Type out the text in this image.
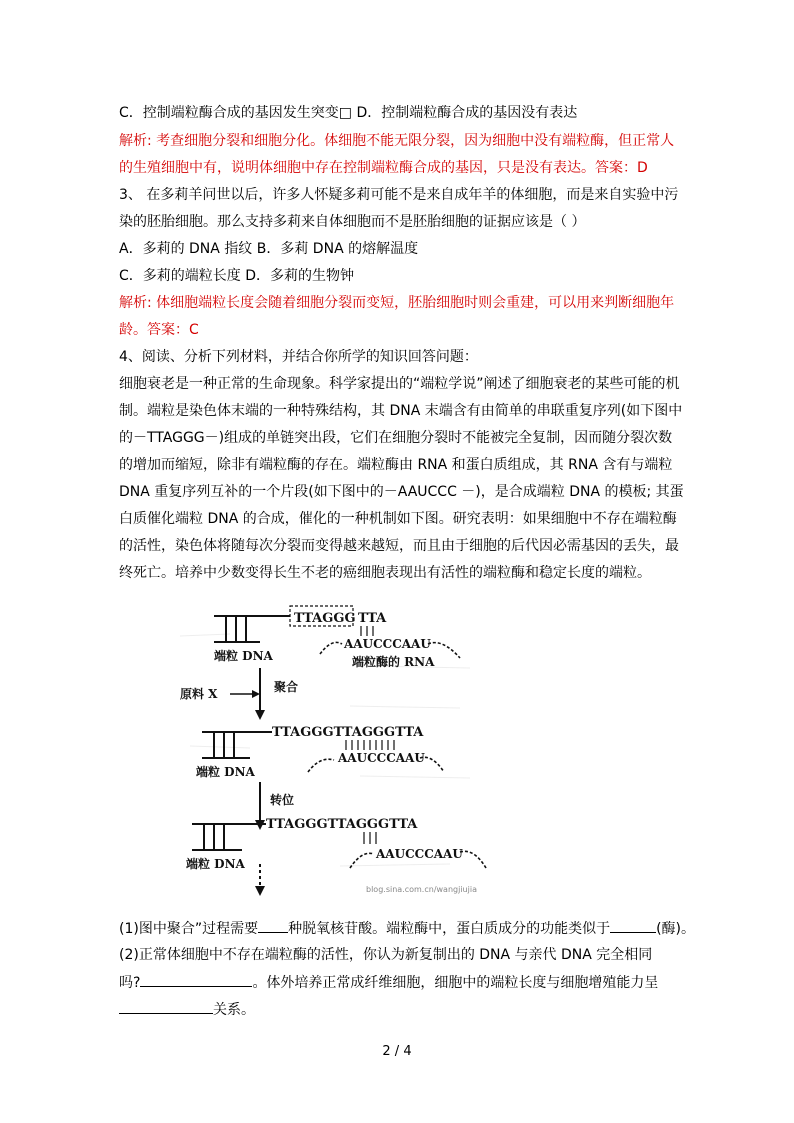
C．控制端粒酶合成的基因发生突变□ D．控制端粒酶合成的基因没有表达
解析: 考查细胞分裂和细胞分化。体细胞不能无限分裂，因为细胞中没有端粒酶，但正常人
的生殖细胞中有，说明体细胞中存在控制端粒酶合成的基因，只是没有表达。答案：D
3、 在多莉羊问世以后，许多人怀疑多莉可能不是来自成年羊的体细胞，而是来自实验中污
染的胚胎细胞。那么支持多莉来自体细胞而不是胚胎细胞的证据应该是（ ）
A．多莉的 DNA 指纹 B．多莉 DNA 的熔解温度
C．多莉的端粒长度 D．多莉的生物钟
解析: 体细胞端粒长度会随着细胞分裂而变短，胚胎细胞时则会重建，可以用来判断细胞年
龄。答案：C
4、阅读、分析下列材料，并结合你所学的知识回答问题：
细胞衰老是一种正常的生命现象。科学家提出的“端粒学说”阐述了细胞衰老的某些可能的机
制。端粒是染色体末端的一种特殊结构，其 DNA 末端含有由简单的串联重复序列(如下图中
的－TTAGGG－)组成的单链突出段，它们在细胞分裂时不能被完全复制，因而随分裂次数
的增加而缩短，除非有端粒酶的存在。端粒酶由 RNA 和蛋白质组成，其 RNA 含有与端粒
DNA 重复序列互补的一个片段(如下图中的－AAUCCC －)，是合成端粒 DNA 的模板; 其蛋
白质催化端粒 DNA 的合成，催化的一种机制如下图。研究表明：如果细胞中不存在端粒酶
的活性，染色体将随每次分裂而变得越来越短，而且由于细胞的后代因必需基因的丢失，最
终死亡。培养中少数变得长生不老的癌细胞表现出有活性的端粒酶和稳定长度的端粒。
TTAGGG TTA
AAUCCCAAU
端粒 DNA	端粒酶的 RNA
原料 X	聚合
TTAGGGTTAGGGTTA
AAUCCCAAU
端粒 DNA
转位
TTAGGGTTAGGGTTA
AAUCCCAAU
端粒 DNA
blog.sina.com.cn/wangjiujia
(1)图中聚合”过程需要 种脱氧核苷酸。端粒酶中，蛋白质成分的功能类似于	(酶)。
(2)正常体细胞中不存在端粒酶的活性，你认为新复制出的 DNA 与亲代 DNA 完全相同
吗?	。体外培养正常成纤维细胞，细胞中的端粒长度与细胞增殖能力呈
关系。
2 / 4
